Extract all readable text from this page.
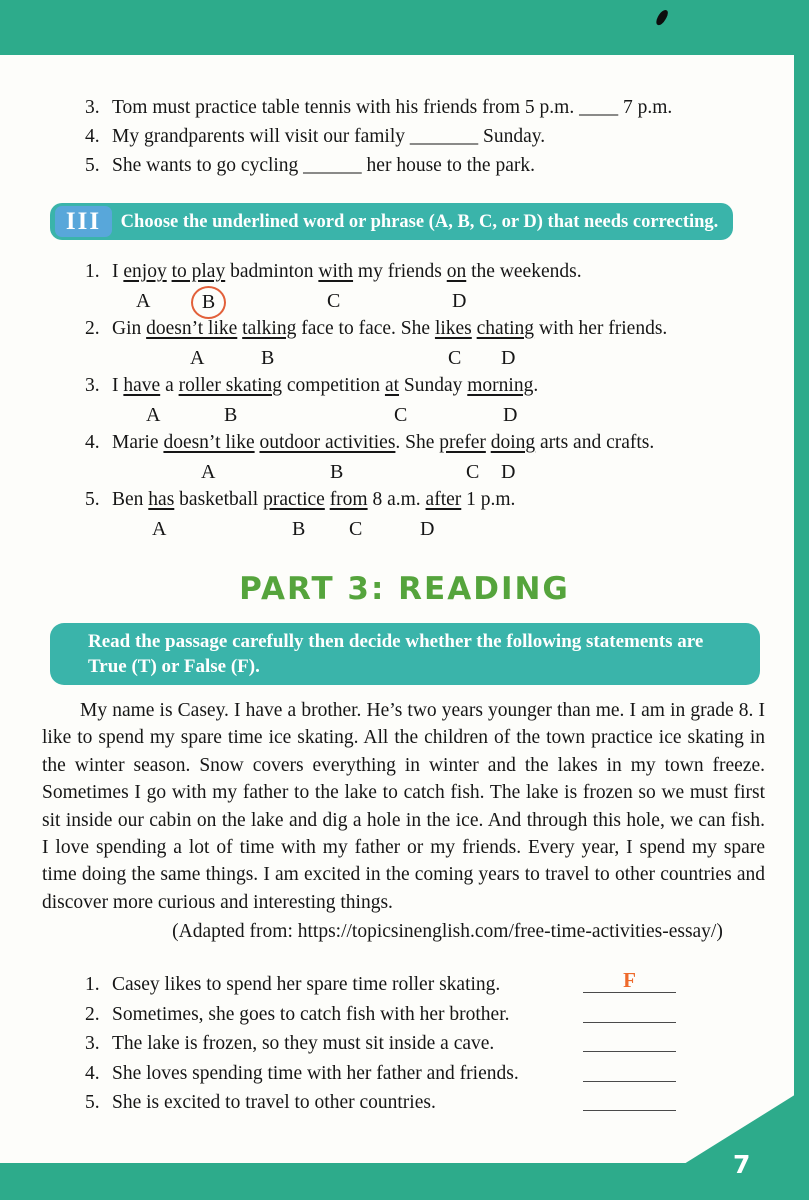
7
3. Tom must practice table tennis with his friends from 5 p.m. ____ 7 p.m.
4. My grandparents will visit our family _______ Sunday.
5. She wants to go cycling ______ her house to the park.
III	Choose the underlined word or phrase (A, B, C, or D) that needs correcting.
1. I enjoy to play badminton with my friends on the weekends.
A	B	C	D
2. Gin doesn’t like talking face to face. She likes chating with her friends.
A	B	C D
3. I have a roller skating competition at Sunday morning.
A	B	C	D
4. Marie doesn’t like outdoor activities. She prefer doing arts and crafts.
A	B	C D
5. Ben has basketball practice from 8 a.m. after 1 p.m.
A	B C	D
PART 3: READING
Read the passage carefully then decide whether the following statements are True (T) or False (F).
My name is Casey. I have a brother. He’s two years younger than me. I am in grade 8. I like to spend my spare time ice skating. All the children of the town practice ice skating in the winter season. Snow covers everything in winter and the lakes in my town freeze. Sometimes I go with my father to the lake to catch fish. The lake is frozen so we must first sit inside our cabin on the lake and dig a hole in the ice. And through this hole, we can fish. I love spending a lot of time with my father or my friends. Every year, I spend my spare time doing the same things. I am excited in the coming years to travel to other countries and discover more curious and interesting things.
(Adapted from: https://topicsinenglish.com/free-time-activities-essay/)
1. Casey likes to spend her spare time roller skating.	F
2. Sometimes, she goes to catch fish with her brother.
3. The lake is frozen, so they must sit inside a cave.
4. She loves spending time with her father and friends.
5. She is excited to travel to other countries.
